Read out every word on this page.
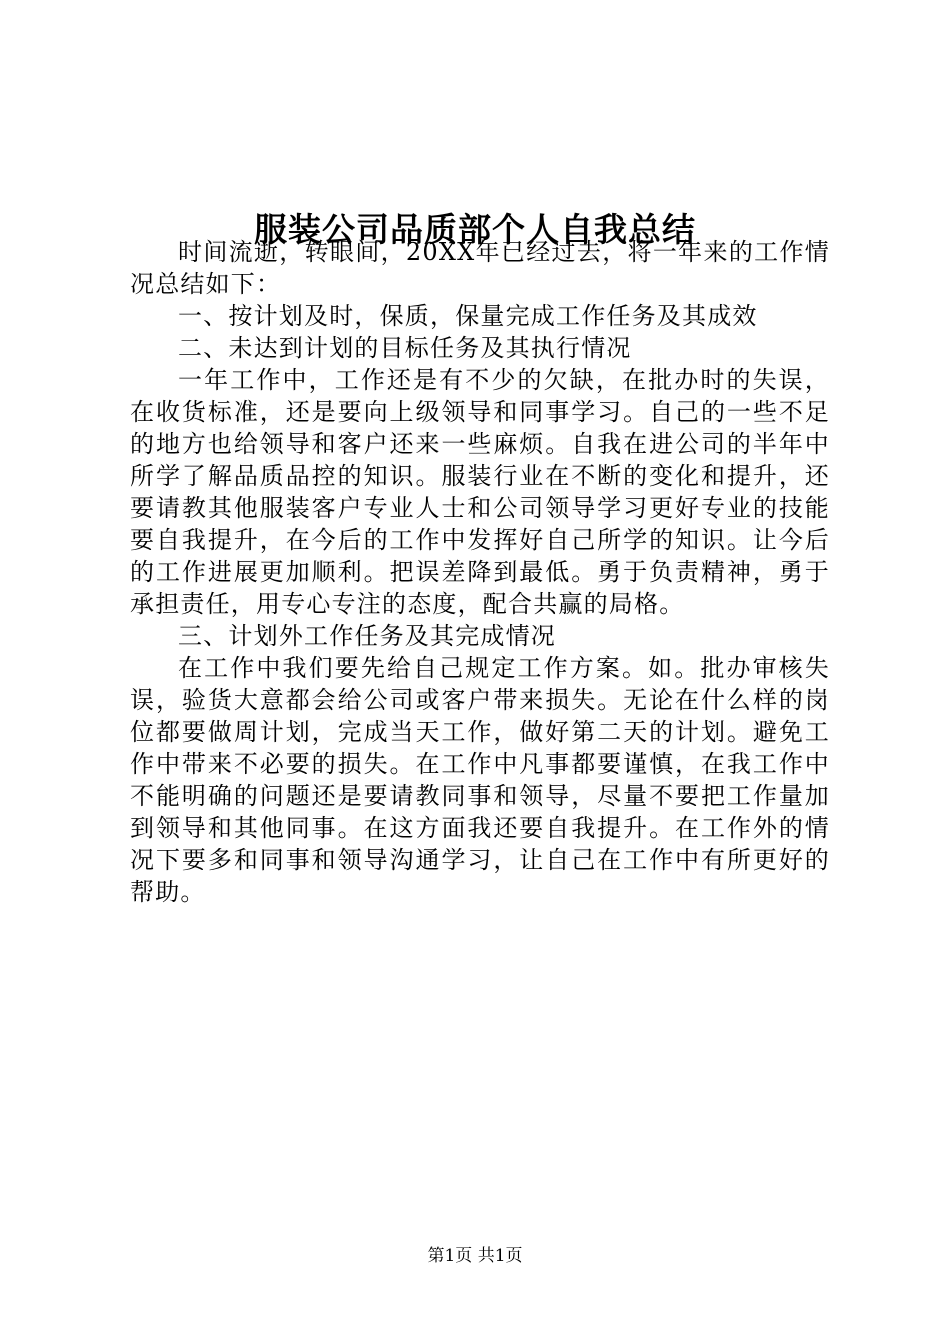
服装公司品质部个人自我总结

时间流逝，转眼间，20XX年已经过去，将一年来的工作情况总结如下：

一、按计划及时，保质，保量完成工作任务及其成效

二、未达到计划的目标任务及其执行情况

一年工作中，工作还是有不少的欠缺，在批办时的失误，在收货标准，还是要向上级领导和同事学习。自己的一些不足的地方也给领导和客户还来一些麻烦。自我在进公司的半年中所学了解品质品控的知识。服装行业在不断的变化和提升，还要请教其他服装客户专业人士和公司领导学习更好专业的技能要自我提升，在今后的工作中发挥好自己所学的知识。让今后的工作进展更加顺利。把误差降到最低。勇于负责精神，勇于承担责任，用专心专注的态度，配合共赢的局格。

三、计划外工作任务及其完成情况

在工作中我们要先给自己规定工作方案。如。批办审核失误，验货大意都会给公司或客户带来损失。无论在什么样的岗位都要做周计划，完成当天工作，做好第二天的计划。避免工作中带来不必要的损失。在工作中凡事都要谨慎，在我工作中不能明确的问题还是要请教同事和领导，尽量不要把工作量加到领导和其他同事。在这方面我还要自我提升。在工作外的情况下要多和同事和领导沟通学习，让自己在工作中有所更好的帮助。

第1页 共1页
